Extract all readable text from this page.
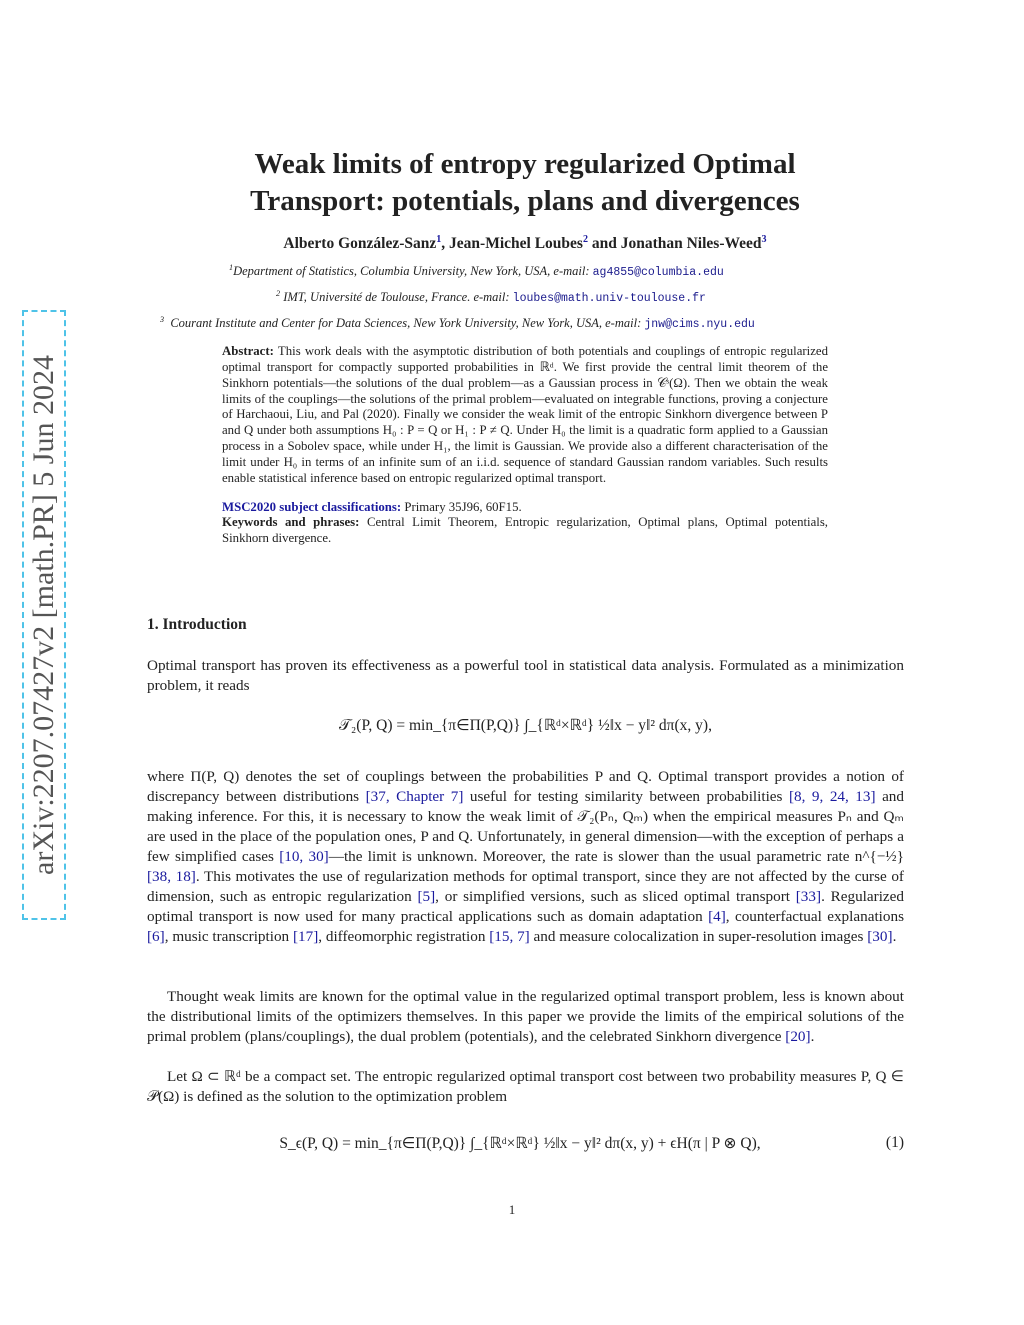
arXiv:2207.07427v2 [math.PR] 5 Jun 2024
Weak limits of entropy regularized Optimal
Transport: potentials, plans and divergences
Alberto González-Sanz$^1$, Jean-Michel Loubes$^2$ and Jonathan Niles-Weed$^3$
$^1$Department of Statistics, Columbia University, New York, USA, e-mail: ag4855@columbia.edu
$^2$ IMT, Université de Toulouse, France. e-mail: loubes@math.univ-toulouse.fr
$^3$ Courant Institute and Center for Data Sciences, New York University, New York, USA, e-mail: jnw@cims.nyu.edu
Abstract: This work deals with the asymptotic distribution of both potentials and couplings of entropic regularized optimal transport for compactly supported probabilities in ℝᵈ. We first provide the central limit theorem of the Sinkhorn potentials—the solutions of the dual problem—as a Gaussian process in 𝒞ˢ(Ω). Then we obtain the weak limits of the couplings—the solutions of the primal problem—evaluated on integrable functions, proving a conjecture of Harchaoui, Liu, and Pal (2020). Finally we consider the weak limit of the entropic Sinkhorn divergence between P and Q under both assumptions H₀ : P = Q or H₁ : P ≠ Q. Under H₀ the limit is a quadratic form applied to a Gaussian process in a Sobolev space, while under H₁, the limit is Gaussian. We provide also a different characterisation of the limit under H₀ in terms of an infinite sum of an i.i.d. sequence of standard Gaussian random variables. Such results enable statistical inference based on entropic regularized optimal transport.
MSC2020 subject classifications: Primary 35J96, 60F15.
Keywords and phrases: Central Limit Theorem, Entropic regularization, Optimal plans, Optimal potentials, Sinkhorn divergence.
1. Introduction
Optimal transport has proven its effectiveness as a powerful tool in statistical data analysis. Formulated as a minimization problem, it reads
𝒯₂(P, Q) = min_{π∈Π(P,Q)} ∫_{ℝᵈ×ℝᵈ} ½‖x − y‖² dπ(x, y),
where Π(P, Q) denotes the set of couplings between the probabilities P and Q. Optimal transport provides a notion of discrepancy between distributions [37, Chapter 7] useful for testing similarity between probabilities [8, 9, 24, 13] and making inference. For this, it is necessary to know the weak limit of 𝒯₂(Pₙ, Qₘ) when the empirical measures Pₙ and Qₘ are used in the place of the population ones, P and Q. Unfortunately, in general dimension—with the exception of perhaps a few simplified cases [10, 30]—the limit is unknown. Moreover, the rate is slower than the usual parametric rate n^{−½} [38, 18]. This motivates the use of regularization methods for optimal transport, since they are not affected by the curse of dimension, such as entropic regularization [5], or simplified versions, such as sliced optimal transport [33]. Regularized optimal transport is now used for many practical applications such as domain adaptation [4], counterfactual explanations [6], music transcription [17], diffeomorphic registration [15, 7] and measure colocalization in super-resolution images [30].
Thought weak limits are known for the optimal value in the regularized optimal transport problem, less is known about the distributional limits of the optimizers themselves. In this paper we provide the limits of the empirical solutions of the primal problem (plans/couplings), the dual problem (potentials), and the celebrated Sinkhorn divergence [20].
Let Ω ⊂ ℝᵈ be a compact set. The entropic regularized optimal transport cost between two probability measures P, Q ∈ 𝒫(Ω) is defined as the solution to the optimization problem
S_ϵ(P, Q) = min_{π∈Π(P,Q)} ∫_{ℝᵈ×ℝᵈ} ½‖x − y‖² dπ(x, y) + ϵH(π | P ⊗ Q),	(1)
1
